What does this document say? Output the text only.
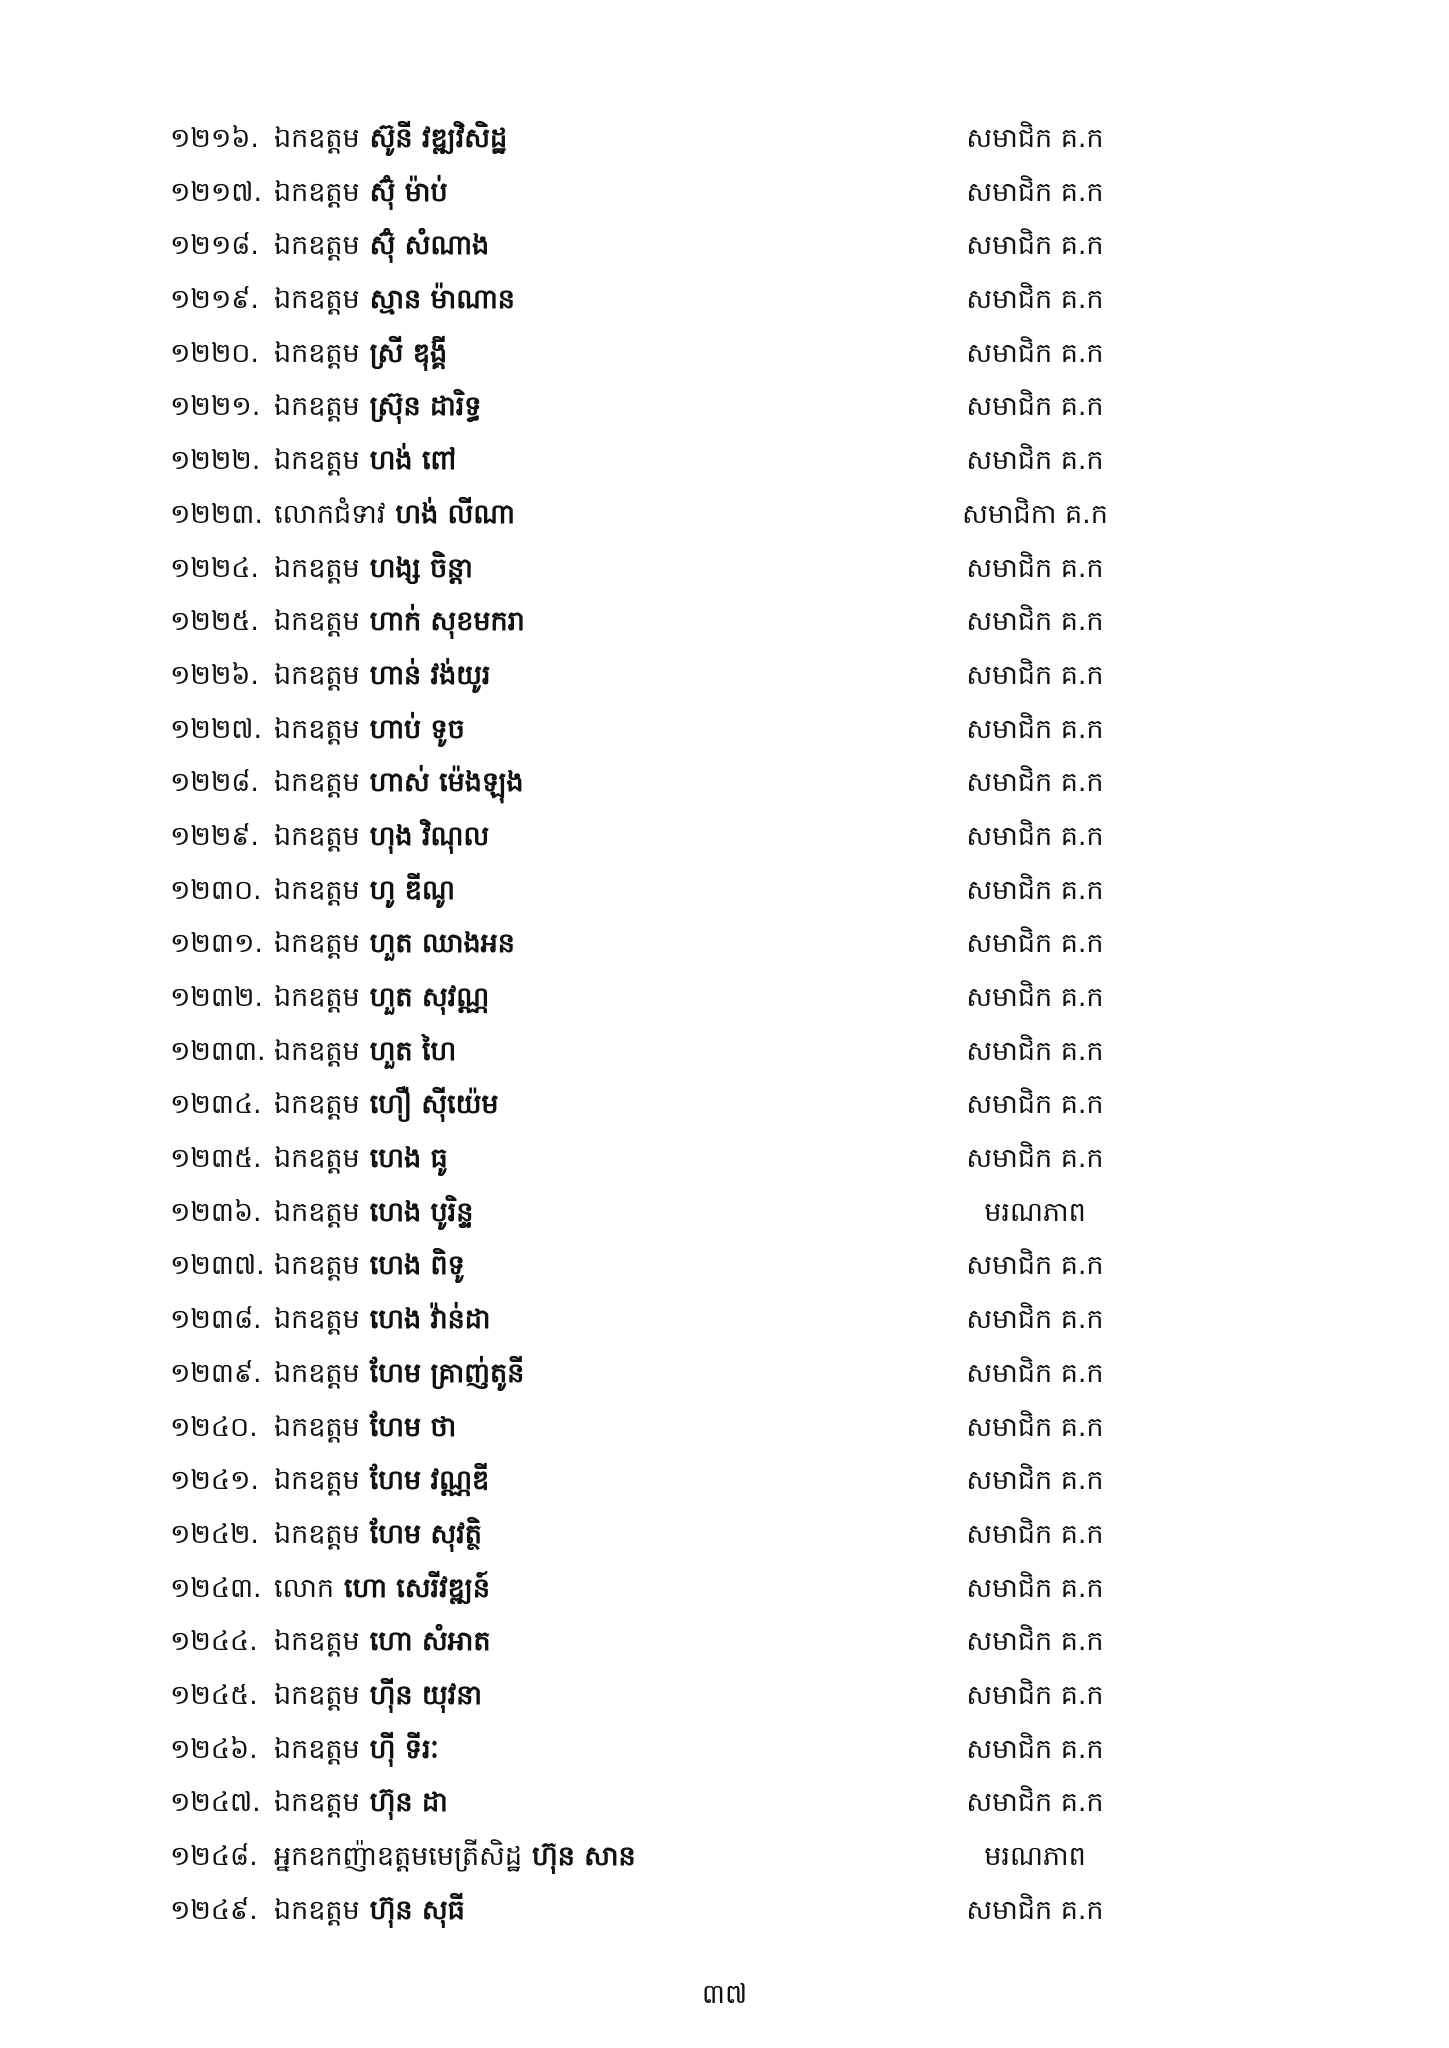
១២១៦. ឯកឧត្តម ស៊ូនី វឌ្ឍវិសិដ្ឋ	សមាជិក គ.ក
១២១៧. ឯកឧត្តម ស៊ុំ ម៉ាប់	សមាជិក គ.ក
១២១៨. ឯកឧត្តម ស៊ុំ សំណាង	សមាជិក គ.ក
១២១៩. ឯកឧត្តម ស្មាន ម៉ាណាន	សមាជិក គ.ក
១២២០. ឯកឧត្តម ស្រី ឌុង្គី	សមាជិក គ.ក
១២២១. ឯកឧត្តម ស្រ៊ុន ដារិទ្ធ	សមាជិក គ.ក
១២២២. ឯកឧត្តម ហង់ ពៅ	សមាជិក គ.ក
១២២៣. លោកជំទាវ ហង់ លីណា	សមាជិកា គ.ក
១២២៤. ឯកឧត្តម ហង្ស ចិន្តា	សមាជិក គ.ក
១២២៥. ឯកឧត្តម ហាក់ សុខមករា	សមាជិក គ.ក
១២២៦. ឯកឧត្តម ហាន់ វង់យូរ	សមាជិក គ.ក
១២២៧. ឯកឧត្តម ហាប់ ទូច	សមាជិក គ.ក
១២២៨. ឯកឧត្តម ហាស់ ម៉េងឡុង	សមាជិក គ.ក
១២២៩. ឯកឧត្តម ហុង វិណុល	សមាជិក គ.ក
១២៣០. ឯកឧត្តម ហូ ឌីណូ	សមាជិក គ.ក
១២៣១. ឯកឧត្តម ហួត ឈាងអន	សមាជិក គ.ក
១២៣២. ឯកឧត្តម ហួត សុវណ្ណ	សមាជិក គ.ក
១២៣៣. ឯកឧត្តម ហួត ហៃ	សមាជិក គ.ក
១២៣៤. ឯកឧត្តម ហឿ ស៊ីយ៉េម	សមាជិក គ.ក
១២៣៥. ឯកឧត្តម ហេង ធូ	សមាជិក គ.ក
១២៣៦. ឯកឧត្តម ហេង បូរិន្ទ	មរណភាព
១២៣៧. ឯកឧត្តម ហេង ពិទូ	សមាជិក គ.ក
១២៣៨. ឯកឧត្តម ហេង វ៉ាន់ដា	សមាជិក គ.ក
១២៣៩. ឯកឧត្តម ហែម គ្រាញ់តូនី	សមាជិក គ.ក
១២៤០. ឯកឧត្តម ហែម ថា	សមាជិក គ.ក
១២៤១. ឯកឧត្តម ហែម វណ្ណឌី	សមាជិក គ.ក
១២៤២. ឯកឧត្តម ហែម សុវត្ថិ	សមាជិក គ.ក
១២៤៣. លោក ហោ សេរីវឌ្ឍន៍	សមាជិក គ.ក
១២៤៤. ឯកឧត្តម ហោ សំអាត	សមាជិក គ.ក
១២៤៥. ឯកឧត្តម ហ៊ីន យុវនា	សមាជិក គ.ក
១២៤៦. ឯកឧត្តម ហ៊ី ទីរៈ	សមាជិក គ.ក
១២៤៧. ឯកឧត្តម ហ៊ុន ដា	សមាជិក គ.ក
១២៤៨. អ្នកឧកញ៉ាឧត្តមមេត្រីសិដ្ឋ ហ៊ុន សាន	មរណភាព
១២៤៩. ឯកឧត្តម ហ៊ុន សុធី	សមាជិក គ.ក
៣៧
